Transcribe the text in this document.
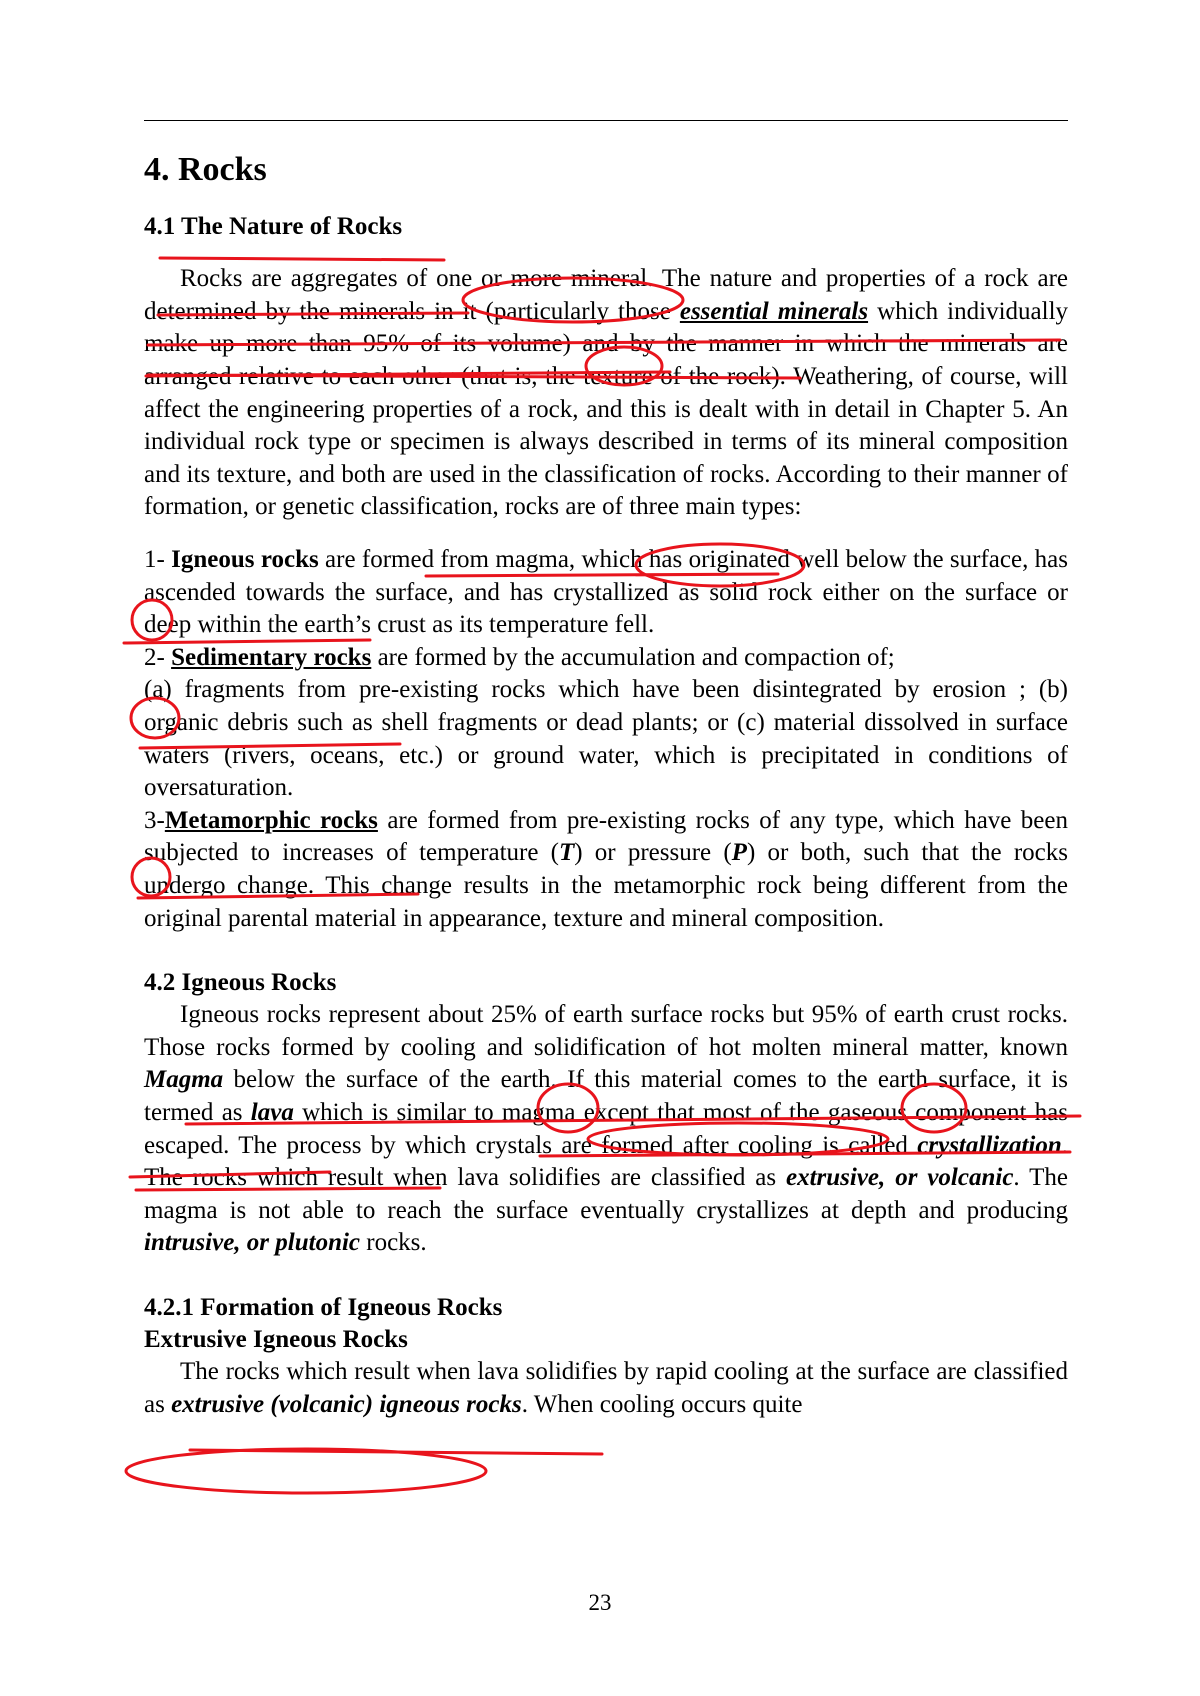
4. Rocks
4.1 The Nature of Rocks

Rocks are aggregates of one or more mineral. The nature and properties of a rock are determined by the minerals in it (particularly those essential minerals which individually make up more than 95% of its volume) and by the manner in which the minerals are arranged relative to each other (that is, the texture of the rock). Weathering, of course, will affect the engineering properties of a rock, and this is dealt with in detail in Chapter 5. An individual rock type or specimen is always described in terms of its mineral composition and its texture, and both are used in the classification of rocks. According to their manner of formation, or genetic classification, rocks are of three main types:

1- Igneous rocks are formed from magma, which has originated well below the surface, has ascended towards the surface, and has crystallized as solid rock either on the surface or deep within the earth’s crust as its temperature fell.

2- Sedimentary rocks are formed by the accumulation and compaction of;

(a) fragments from pre-existing rocks which have been disintegrated by erosion ; (b) organic debris such as shell fragments or dead plants; or (c) material dissolved in surface waters (rivers, oceans, etc.) or ground water, which is precipitated in conditions of oversaturation.

3-Metamorphic rocks are formed from pre-existing rocks of any type, which have been subjected to increases of temperature (T) or pressure (P) or both, such that the rocks undergo change. This change results in the metamorphic rock being different from the original parental material in appearance, texture and mineral composition.

4.2 Igneous Rocks

Igneous rocks represent about 25% of earth surface rocks but 95% of earth crust rocks. Those rocks formed by cooling and solidification of hot molten mineral matter, known Magma below the surface of the earth. If this material comes to the earth surface, it is termed as lava which is similar to magma except that most of the gaseous component has escaped. The process by which crystals are formed after cooling is called crystallization. The rocks which result when lava solidifies are classified as extrusive, or volcanic. The magma is not able to reach the surface eventually crystallizes at depth and producing intrusive, or plutonic rocks.

4.2.1 Formation of Igneous Rocks
Extrusive Igneous Rocks

The rocks which result when lava solidifies by rapid cooling at the surface are classified as extrusive (volcanic) igneous rocks. When cooling occurs quite

23
